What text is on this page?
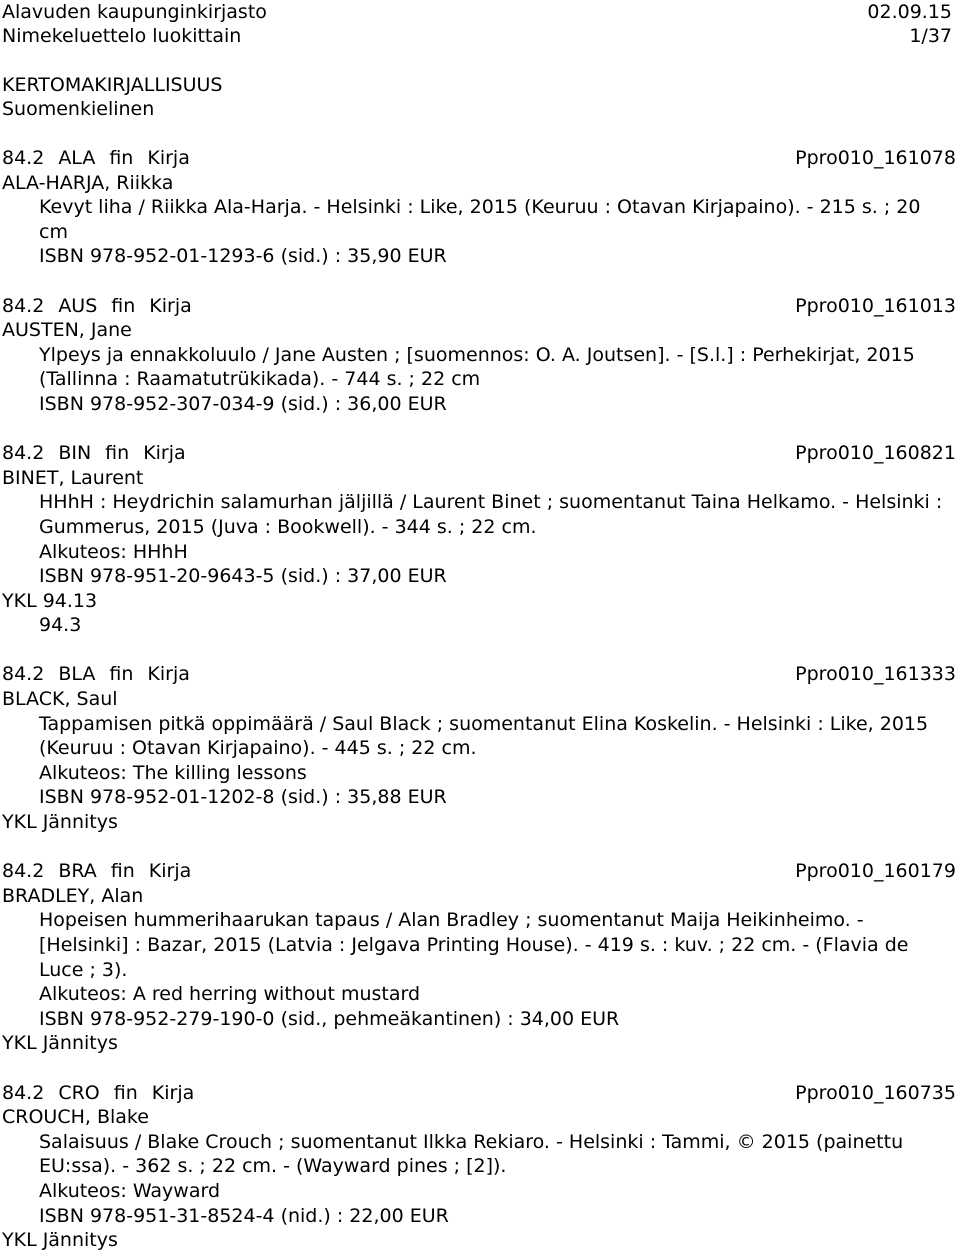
Alavuden kaupunginkirjasto	02.09.15
Nimekeluettelo luokittain	1/37
KERTOMAKIRJALLISUUS
Suomenkielinen
84.2 ALA fin Kirja	Ppro010_161078
ALA-HARJA, Riikka
Kevyt liha / Riikka Ala-Harja. - Helsinki : Like, 2015 (Keuruu : Otavan Kirjapaino). - 215 s. ; 20 cm
ISBN 978-952-01-1293-6 (sid.) : 35,90 EUR
84.2 AUS fin Kirja	Ppro010_161013
AUSTEN, Jane
Ylpeys ja ennakkoluulo / Jane Austen ; [suomennos: O. A. Joutsen]. - [S.l.] : Perhekirjat, 2015 (Tallinna : Raamatutrükikada). - 744 s. ; 22 cm
ISBN 978-952-307-034-9 (sid.) : 36,00 EUR
84.2 BIN fin Kirja	Ppro010_160821
BINET, Laurent
HHhH : Heydrichin salamurhan jäljillä / Laurent Binet ; suomentanut Taina Helkamo. - Helsinki : Gummerus, 2015 (Juva : Bookwell). - 344 s. ; 22 cm.
Alkuteos: HHhH
ISBN 978-951-20-9643-5 (sid.) : 37,00 EUR
YKL 94.13
94.3
84.2 BLA fin Kirja	Ppro010_161333
BLACK, Saul
Tappamisen pitkä oppimäärä / Saul Black ; suomentanut Elina Koskelin. - Helsinki : Like, 2015 (Keuruu : Otavan Kirjapaino). - 445 s. ; 22 cm.
Alkuteos: The killing lessons
ISBN 978-952-01-1202-8 (sid.) : 35,88 EUR
YKL Jännitys
84.2 BRA fin Kirja	Ppro010_160179
BRADLEY, Alan
Hopeisen hummerihaarukan tapaus / Alan Bradley ; suomentanut Maija Heikinheimo. - [Helsinki] : Bazar, 2015 (Latvia : Jelgava Printing House). - 419 s. : kuv. ; 22 cm. - (Flavia de Luce ; 3).
Alkuteos: A red herring without mustard
ISBN 978-952-279-190-0 (sid., pehmeäkantinen) : 34,00 EUR
YKL Jännitys
84.2 CRO fin Kirja	Ppro010_160735
CROUCH, Blake
Salaisuus / Blake Crouch ; suomentanut Ilkka Rekiaro. - Helsinki : Tammi, © 2015 (painettu EU:ssa). - 362 s. ; 22 cm. - (Wayward pines ; [2]).
Alkuteos: Wayward
ISBN 978-951-31-8524-4 (nid.) : 22,00 EUR
YKL Jännitys
